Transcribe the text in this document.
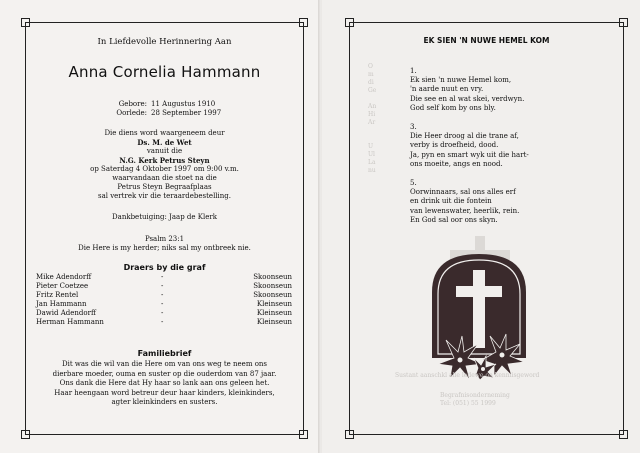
O
m
di
Ge

An
Hi
Ar

U
Ul
La
nu
In Liefdevolle Herinnering Aan
Anna Cornelia Hammann
Gebore: 11 Augustus 1910
Oorlede: 28 September 1997
Die diens word waargeneem deur
Ds. M. de Wet
vanuit die
N.G. Kerk Petrus Steyn
op Saterdag 4 Oktober 1997 om 9:00 v.m.
waarvandaan die stoet na die
Petrus Steyn Begraafplaas
sal vertrek vir die teraardebestelling.
Dankbetuiging: Jaap de Klerk
Psalm 23:1
Die Here is my herder; niks sal my ontbreek nie.
Draers by die graf
Mike Adendorff	-	Skoonseun
Pieter Coetzee	-	Skoonseun
Fritz Rentel	-	Skoonseun
Jan Hammann	-	Kleinseun
Dawid Adendorff	-	Kleinseun
Herman Hammann	-	Kleinseun
Familiebrief
Dit was die wil van die Here om van ons weg te neem ons
dierbare moeder, ouma en suster op die ouderdom van 87 jaar.
Ons dank die Here dat Hy haar so lank aan ons geleen het.
Haar heengaan word betreur deur haar kinders, kleinkinders,
agter kleinkinders en susters.
EK SIEN 'N NUWE HEMEL KOM
1.
Ek sien 'n nuwe Hemel kom,
'n aarde nuut en vry.
Die see en al wat skei, verdwyn.
God self kom by ons bly.
3.
Die Heer droog al die trane af,
verby is droefheid, dood.
Ja, pyn en smart wyk uit die hart-
ons moeite, angs en nood.
5.
Oorwinnaars, sal ons alles erf
en drink uit die fontein
van lewenswater, heerlik, rein.
En God sal oor ons skyn.
Sustant aanschkl alle ledewe on kenniisgeword
Begrafnisonderneming
Tel: (051) 55 1999
